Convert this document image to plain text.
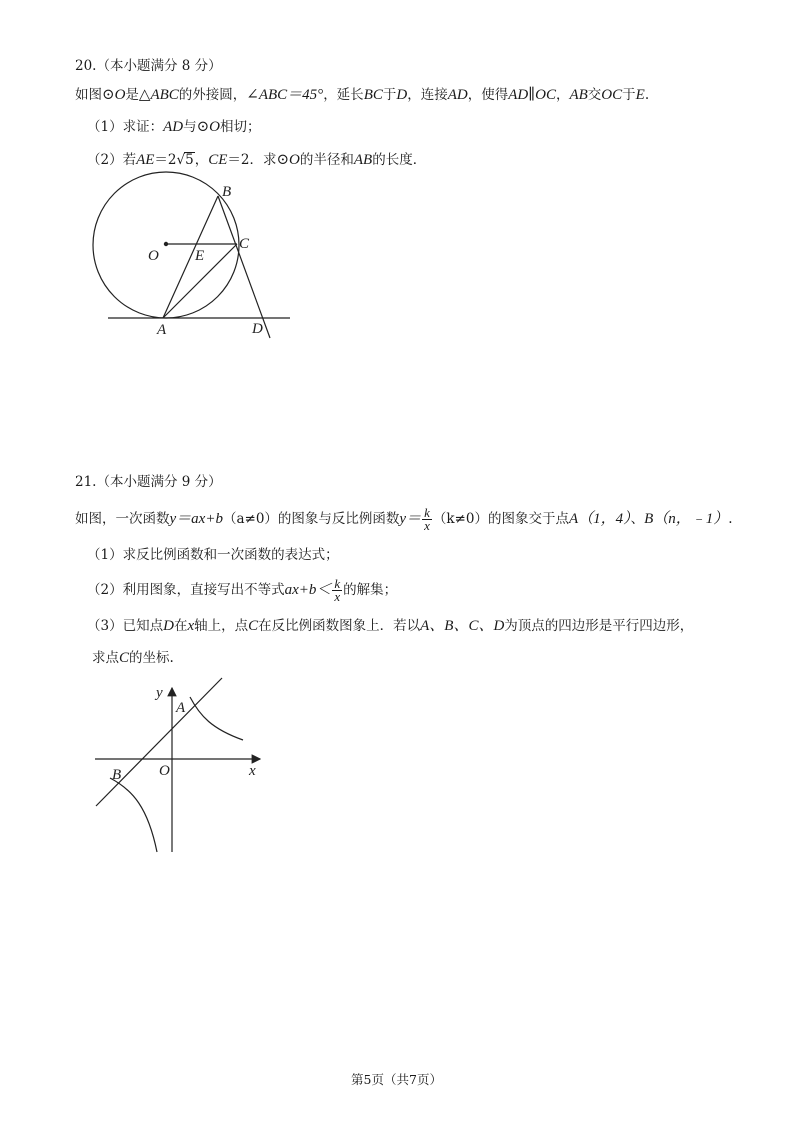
20.（本小题满分 8 分）
如图⊙O是△ABC的外接圆，∠ABC＝45°，延长BC于D，连接AD，使得AD∥OC，AB交OC于E.
（1）求证：AD与⊙O相切；
（2）若AE＝2√5，CE＝2．求⊙O的半径和AB的长度．
B
C
O E
A	D
21.（本小题满分 9 分）
如图，一次函数y＝ax+b（a≠0）的图象与反比例函数$y= \frac{k}{x} (k\ne 0)$的图象交于点A（1，4）、B（n，﹣1）.
（1）求反比例函数和一次函数的表达式；
（2）利用图象，直接写出不等式$ax+b< \frac{k}{x}$ 的解集；
（3）已知点D在x轴上，点C在反比例函数图象上．若以A、B、C、D为顶点的四边形是平行四边形，
求点C的坐标.
y
A
O	x
B
第5页（共7页）
